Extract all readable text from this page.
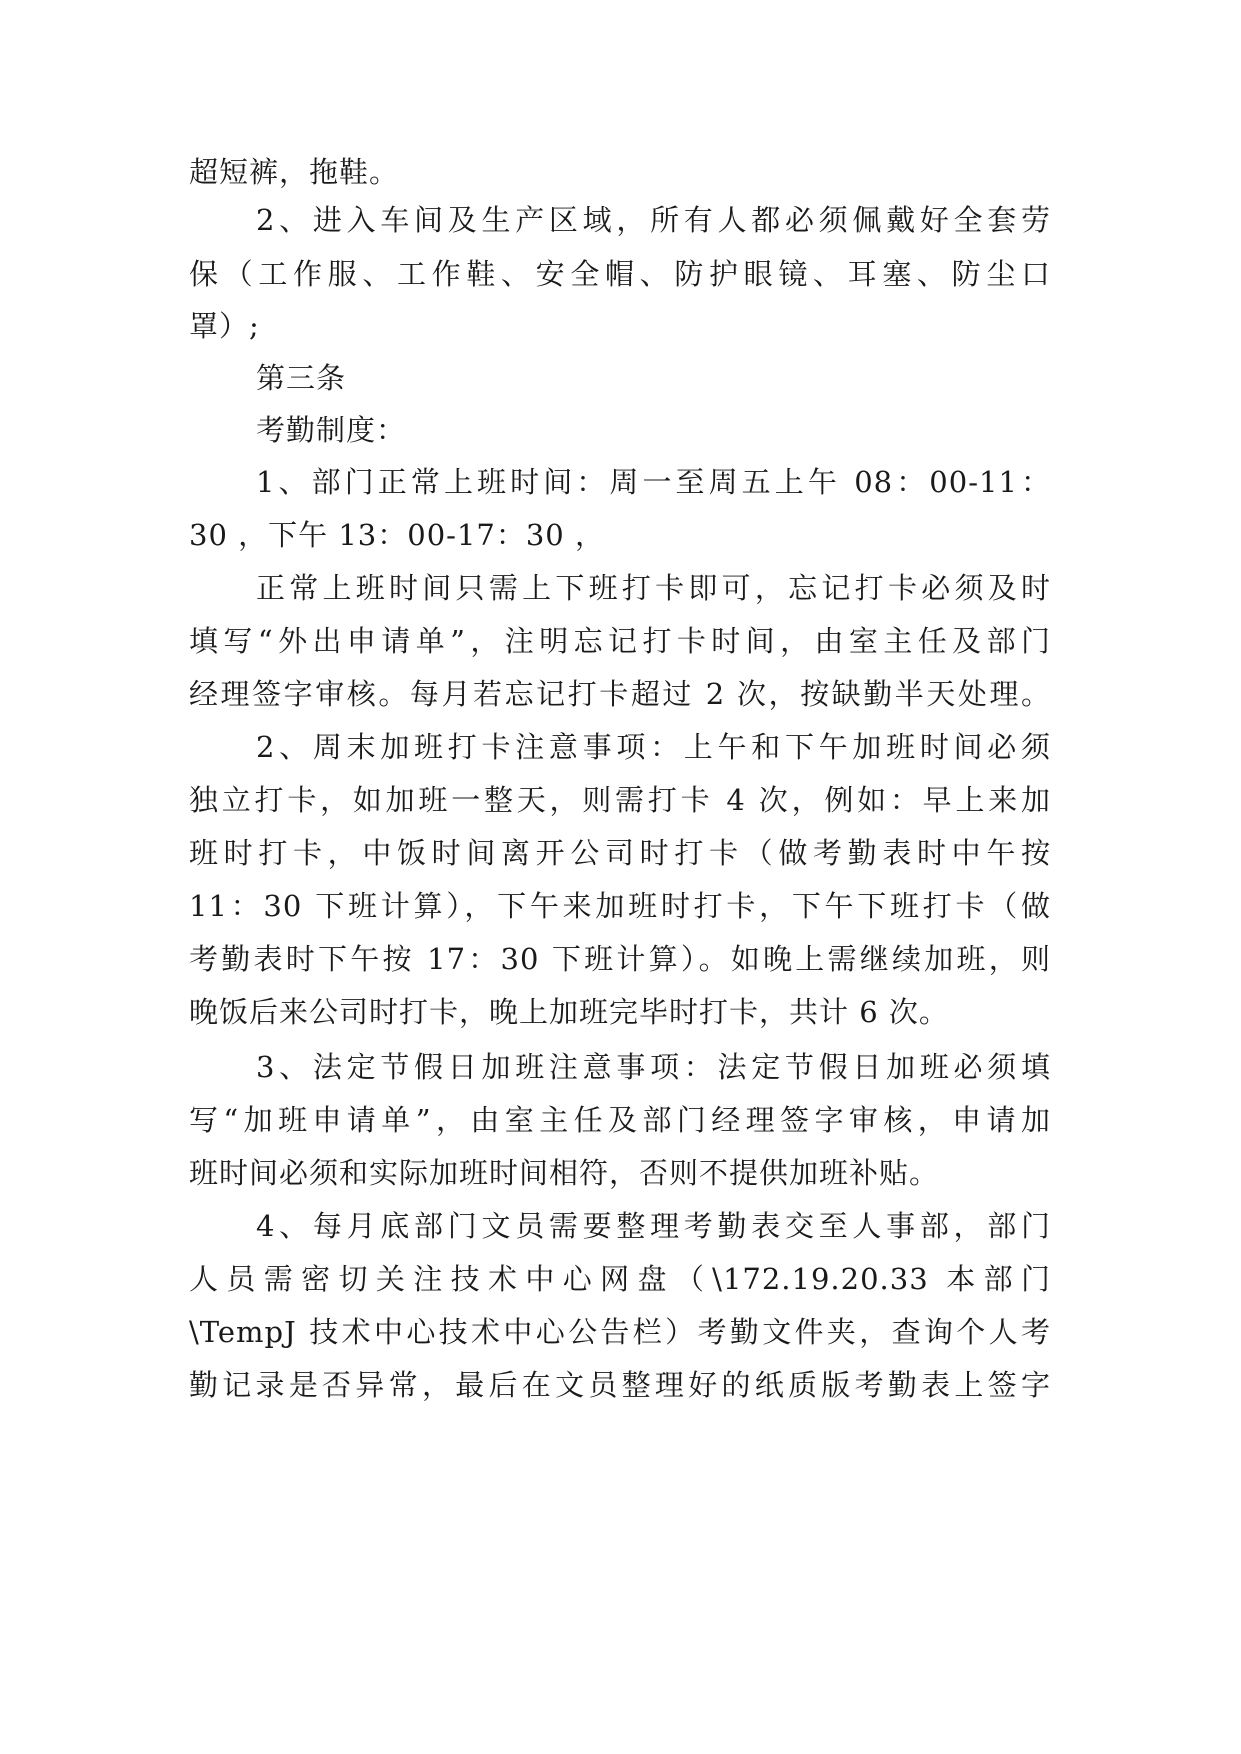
超短裤，拖鞋。
2、进入车间及生产区域，所有人都必须佩戴好全套劳
保（工作服、工作鞋、安全帽、防护眼镜、耳塞、防尘口
罩）;
第三条
考勤制度：
1、部门正常上班时间：周一至周五上午 08：00-11：
30 ，下午 13：00-17：30 ，
正常上班时间只需上下班打卡即可，忘记打卡必须及时
填写“外出申请单”，注明忘记打卡时间，由室主任及部门
经理签字审核。每月若忘记打卡超过 2 次，按缺勤半天处理。
2、周末加班打卡注意事项：上午和下午加班时间必须
独立打卡，如加班一整天，则需打卡 4 次，例如：早上来加
班时打卡，中饭时间离开公司时打卡（做考勤表时中午按
11：30 下班计算），下午来加班时打卡，下午下班打卡（做
考勤表时下午按 17：30 下班计算）。如晚上需继续加班，则
晚饭后来公司时打卡，晚上加班完毕时打卡，共计 6 次。
3、法定节假日加班注意事项：法定节假日加班必须填
写“加班申请单”，由室主任及部门经理签字审核，申请加
班时间必须和实际加班时间相符，否则不提供加班补贴。
4、每月底部门文员需要整理考勤表交至人事部，部门
人员需密切关注技术中心网盘（\172.19.20.33 本部门
\TempJ 技术中心技术中心公告栏）考勤文件夹，查询个人考
勤记录是否异常，最后在文员整理好的纸质版考勤表上签字
